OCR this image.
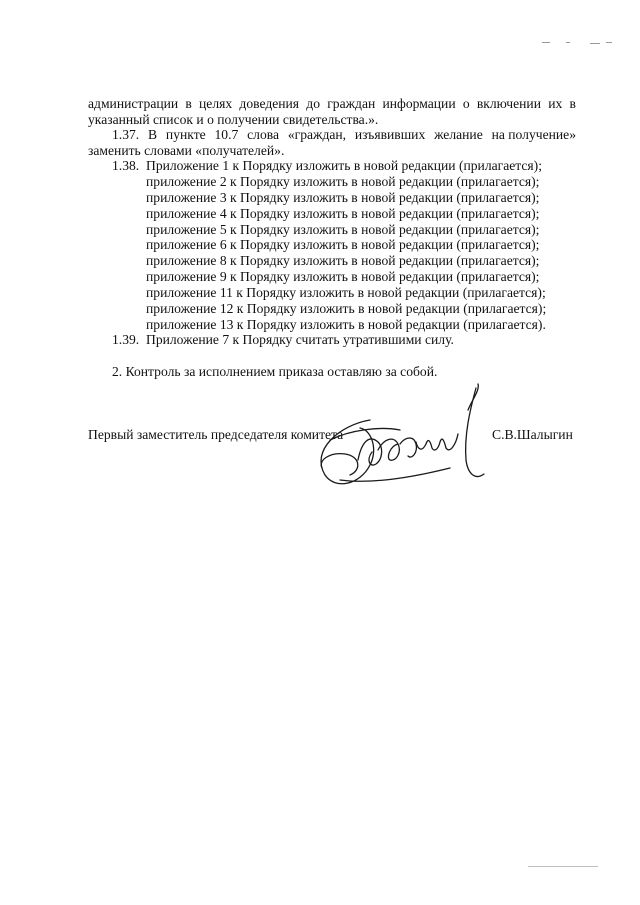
администрации в целях доведения до граждан информации о включении их в
указанный список и о получении свидетельства.».
1.37. В пункте 10.7 слова «граждан, изъявивших желание на получение»
заменить словами «получателей».
1.38. Приложение 1 к Порядку изложить в новой редакции (прилагается);
приложение 2 к Порядку изложить в новой редакции (прилагается);
приложение 3 к Порядку изложить в новой редакции (прилагается);
приложение 4 к Порядку изложить в новой редакции (прилагается);
приложение 5 к Порядку изложить в новой редакции (прилагается);
приложение 6 к Порядку изложить в новой редакции (прилагается);
приложение 8 к Порядку изложить в новой редакции (прилагается);
приложение 9 к Порядку изложить в новой редакции (прилагается);
приложение 11 к Порядку изложить в новой редакции (прилагается);
приложение 12 к Порядку изложить в новой редакции (прилагается);
приложение 13 к Порядку изложить в новой редакции (прилагается).
1.39. Приложение 7 к Порядку считать утратившими силу.
2. Контроль за исполнением приказа оставляю за собой.
Первый заместитель председателя комитета	С.В.Шалыгин
